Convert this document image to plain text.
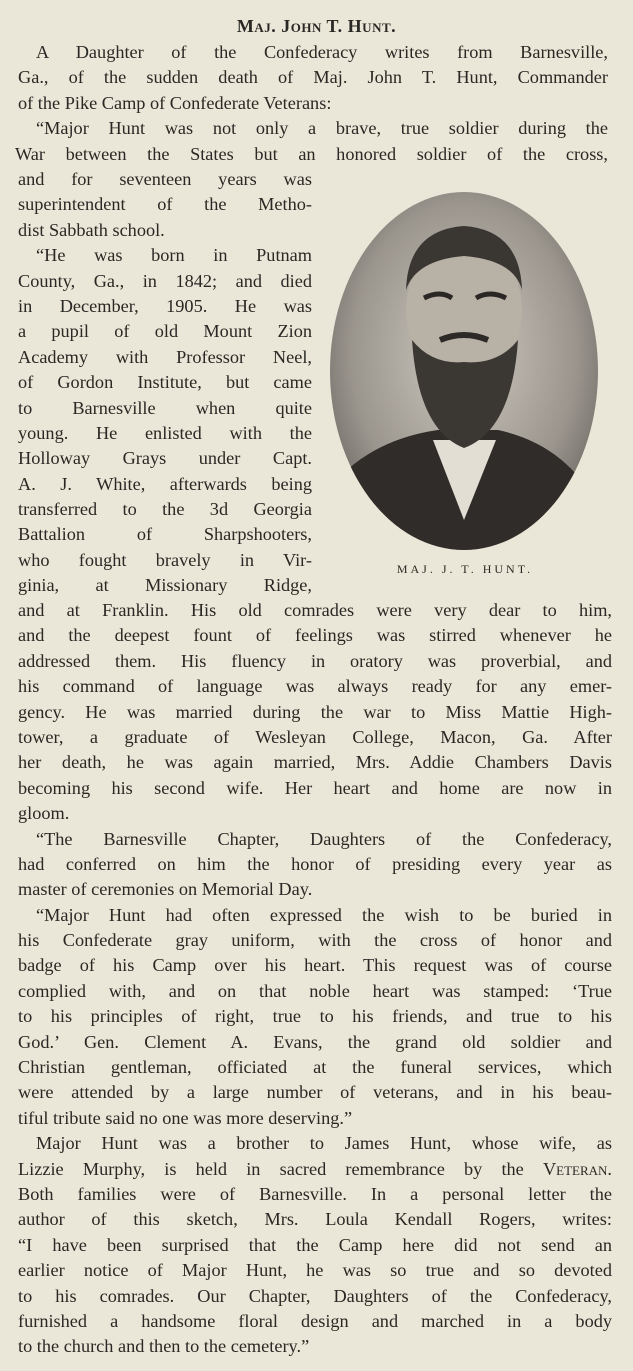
Maj. John T. Hunt.
A Daughter of the Confederacy writes from Barnesville,
Ga., of the sudden death of Maj. John T. Hunt, Commander
of the Pike Camp of Confederate Veterans:
“Major Hunt was not only a brave, true soldier during the
War between the States but an honored soldier of the cross,
and for seventeen years was
superintendent of the Metho-
dist Sabbath school.
“He was born in Putnam
County, Ga., in 1842; and died
in December, 1905. He was
a pupil of old Mount Zion
Academy with Professor Neel,
of Gordon Institute, but came
to Barnesville when quite
young. He enlisted with the
Holloway Grays under Capt.
A. J. White, afterwards being
transferred to the 3d Georgia
Battalion of Sharpshooters,
who fought bravely in Vir-
ginia, at Missionary Ridge,

MAJ. J. T. HUNT.

and at Franklin. His old comrades were very dear to him,
and the deepest fount of feelings was stirred whenever he
addressed them. His fluency in oratory was proverbial, and
his command of language was always ready for any emer-
gency. He was married during the war to Miss Mattie High-
tower, a graduate of Wesleyan College, Macon, Ga. After
her death, he was again married, Mrs. Addie Chambers Davis
becoming his second wife. Her heart and home are now in
gloom.
“The Barnesville Chapter, Daughters of the Confederacy,
had conferred on him the honor of presiding every year as
master of ceremonies on Memorial Day.
“Major Hunt had often expressed the wish to be buried in
his Confederate gray uniform, with the cross of honor and
badge of his Camp over his heart. This request was of course
complied with, and on that noble heart was stamped: ‘True
to his principles of right, true to his friends, and true to his
God.’ Gen. Clement A. Evans, the grand old soldier and
Christian gentleman, officiated at the funeral services, which
were attended by a large number of veterans, and in his beau-
tiful tribute said no one was more deserving.”
Major Hunt was a brother to James Hunt, whose wife, as
Lizzie Murphy, is held in sacred remembrance by the Veteran.
Both families were of Barnesville. In a personal letter the
author of this sketch, Mrs. Loula Kendall Rogers, writes:
“I have been surprised that the Camp here did not send an
earlier notice of Major Hunt, he was so true and so devoted
to his comrades. Our Chapter, Daughters of the Confederacy,
furnished a handsome floral design and marched in a body
to the church and then to the cemetery.”
